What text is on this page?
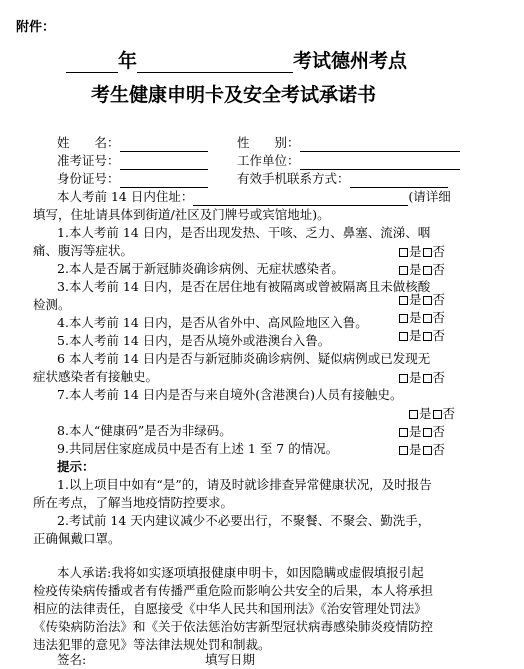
附件：
年	考试德州考点
考生健康申明卡及安全考试承诺书
姓　　名：	性　　别：
准考证号：	工作单位：
身份证号：	有效手机联系方式：
本人考前 14 日内住址：	(请详细
填写，住址请具体到街道/社区及门牌号或宾馆地址)。
1.本人考前 14 日内，是否出现发热、干咳、乏力、鼻塞、流涕、咽
痛、腹泻等症状。	是 否
2.本人是否属于新冠肺炎确诊病例、无症状感染者。	是 否
3.本人考前 14 日内，是否在居住地有被隔离或曾被隔离且未做核酸
检测。	是 否
4.本人考前 14 日内，是否从省外中、高风险地区入鲁。	是 否
5.本人考前 14 日内，是否从境外或港澳台入鲁。	是 否
6 本人考前 14 日内是否与新冠肺炎确诊病例、疑似病例或已发现无
症状感染者有接触史。	是 否
7.本人考前 14 日内是否与来自境外(含港澳台)人员有接触史。
是 否
8.本人“健康码”是否为非绿码。	是 否
9.共同居住家庭成员中是否有上述 1 至 7 的情况。	是 否
提示：
1.以上项目中如有“是”的，请及时就诊排查异常健康状况，及时报告
所在考点，了解当地疫情防控要求。
2.考试前 14 天内建议减少不必要出行，不聚餐、不聚会、勤洗手，
正确佩戴口罩。
本人承诺:我将如实逐项填报健康申明卡，如因隐瞒或虚假填报引起
检疫传染病传播或者有传播严重危险而影响公共安全的后果，本人将承担
相应的法律责任，自愿接受《中华人民共和国刑法》《治安管理处罚法》
《传染病防治法》和《关于依法惩治妨害新型冠状病毒感染肺炎疫情防控
违法犯罪的意见》等法律法规处罚和制裁。
签名:	填写日期
